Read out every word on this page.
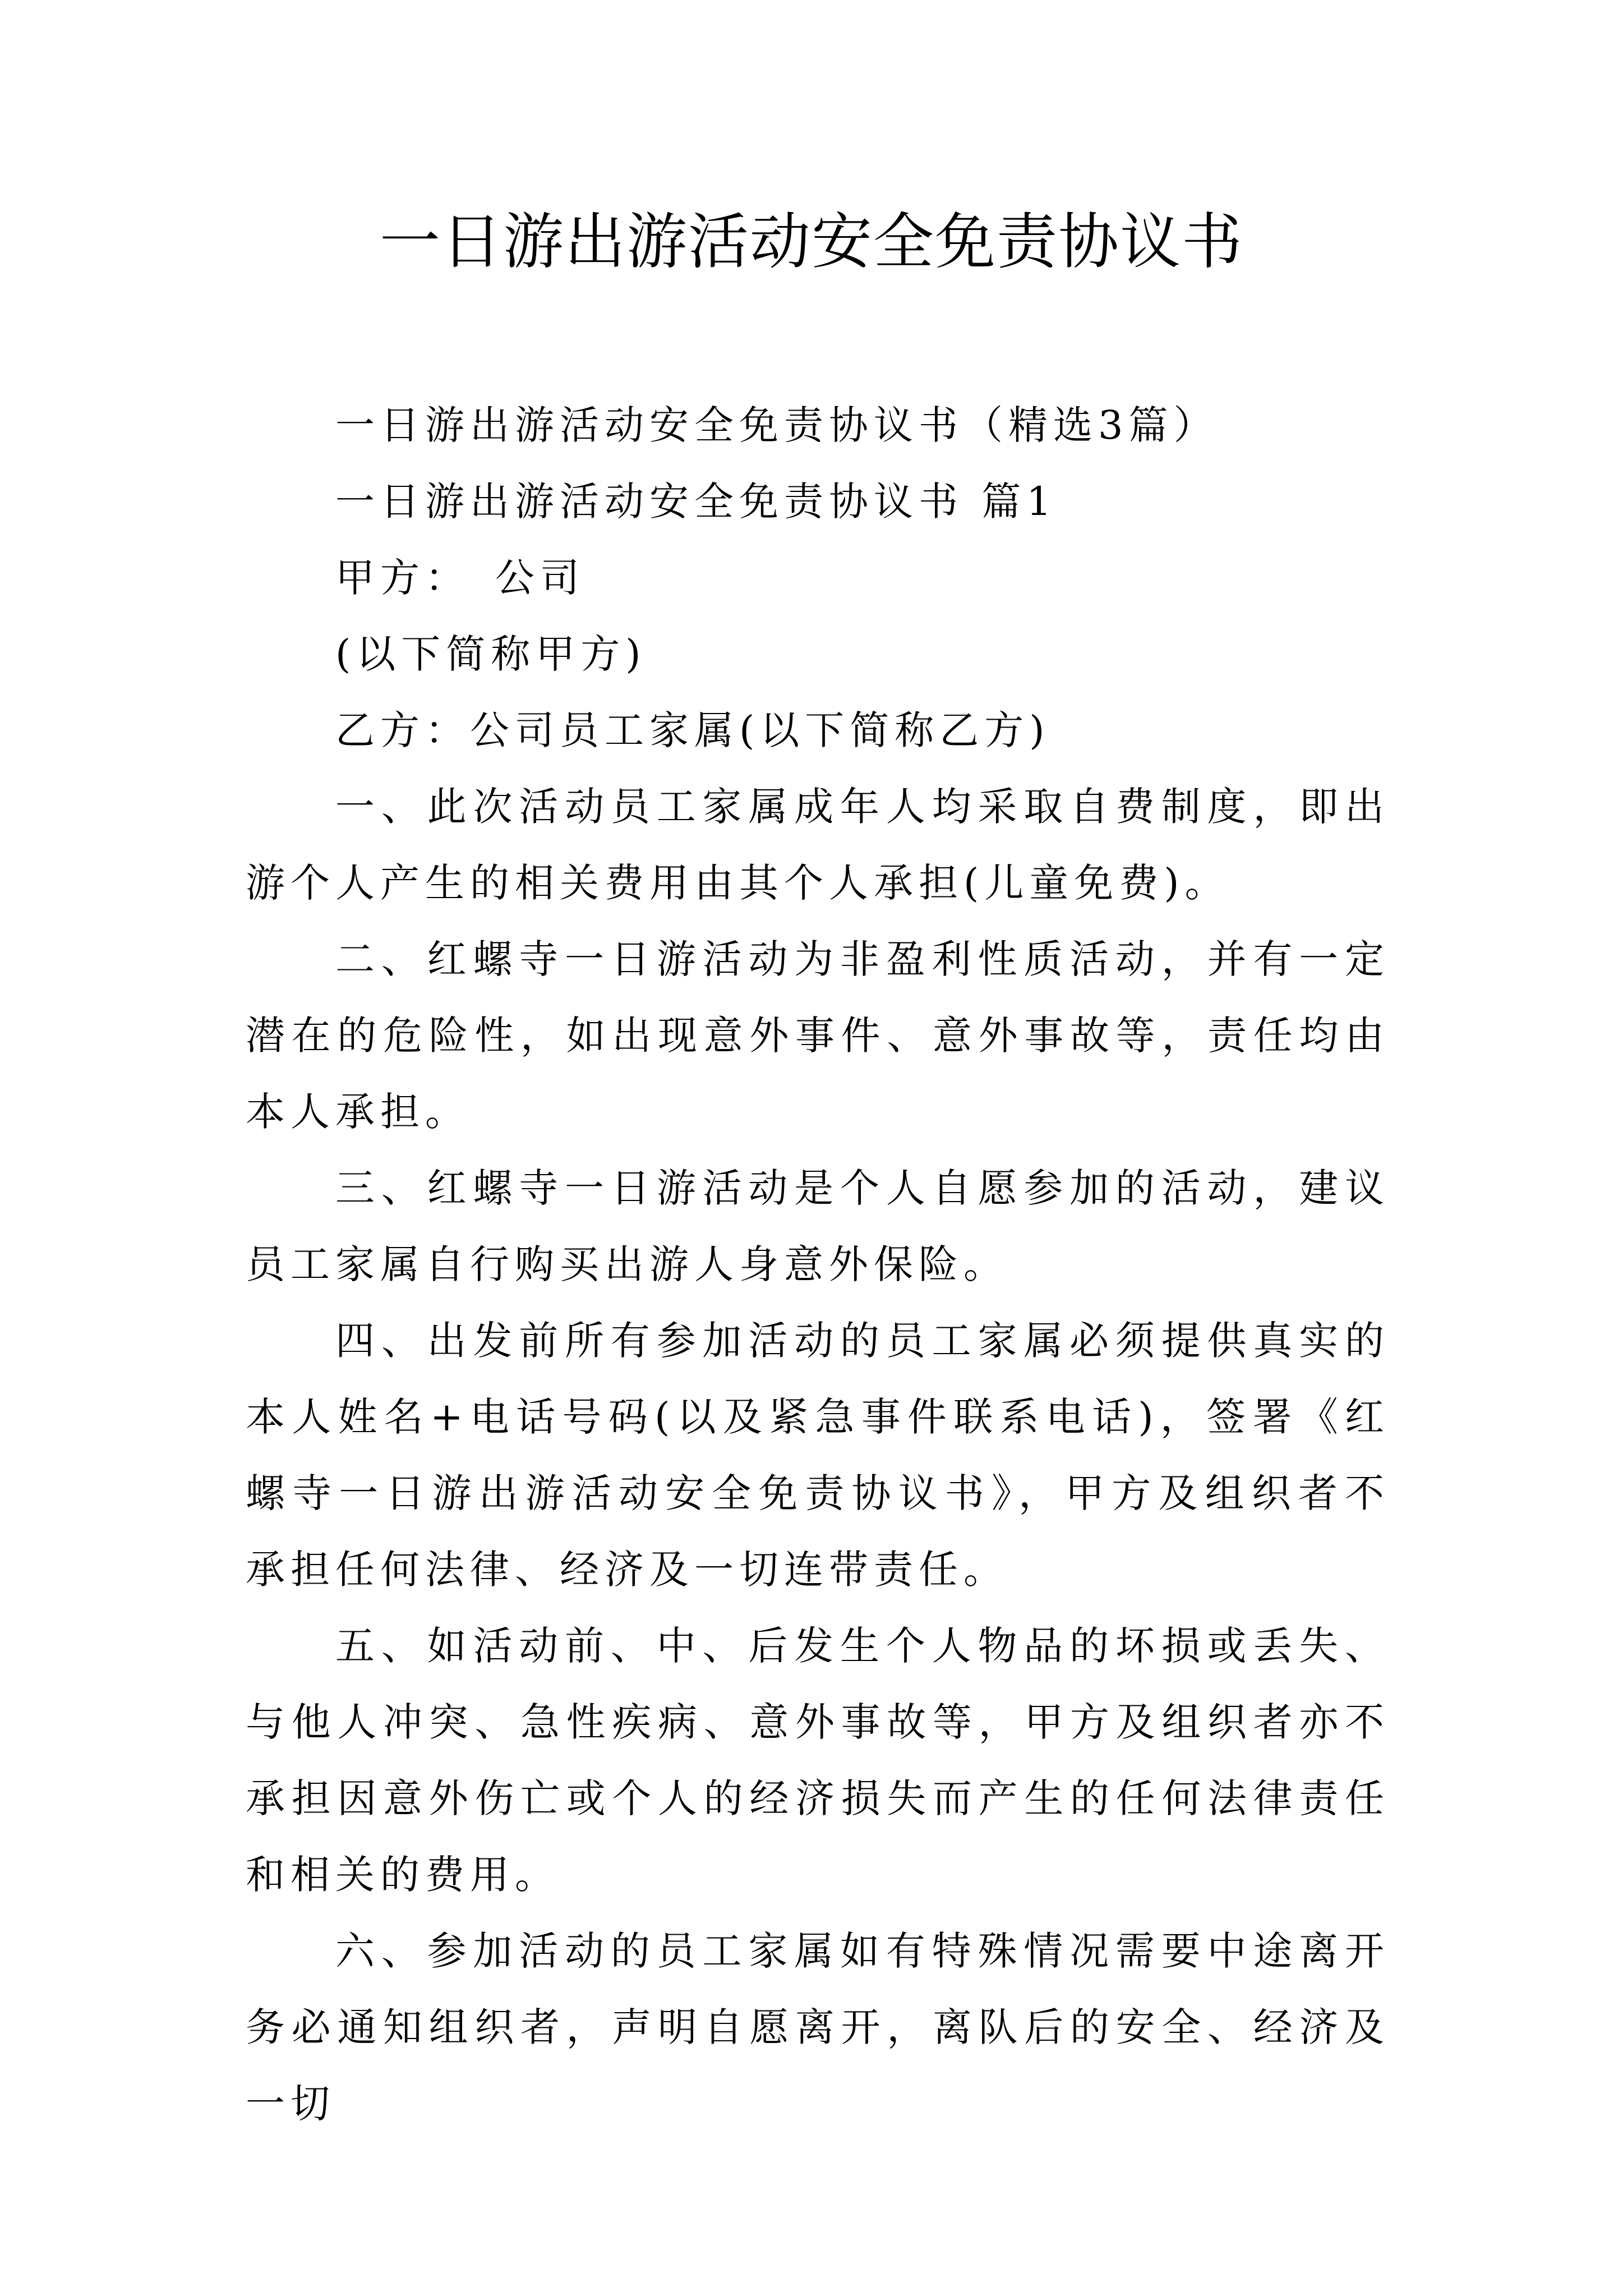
一日游出游活动安全免责协议书

一日游出游活动安全免责协议书（精选3篇）

一日游出游活动安全免责协议书 篇1

甲方：　公司

(以下简称甲方)

乙方：公司员工家属(以下简称乙方)

一、此次活动员工家属成年人均采取自费制度，即出游个人产生的相关费用由其个人承担(儿童免费)。

二、红螺寺一日游活动为非盈利性质活动，并有一定潜在的危险性，如出现意外事件、意外事故等，责任均由本人承担。

三、红螺寺一日游活动是个人自愿参加的活动，建议员工家属自行购买出游人身意外保险。

四、出发前所有参加活动的员工家属必须提供真实的本人姓名+电话号码(以及紧急事件联系电话)，签署《红螺寺一日游出游活动安全免责协议书》，甲方及组织者不承担任何法律、经济及一切连带责任。

五、如活动前、中、后发生个人物品的坏损或丢失、与他人冲突、急性疾病、意外事故等，甲方及组织者亦不承担因意外伤亡或个人的经济损失而产生的任何法律责任和相关的费用。

六、参加活动的员工家属如有特殊情况需要中途离开务必通知组织者，声明自愿离开，离队后的安全、经济及一切
